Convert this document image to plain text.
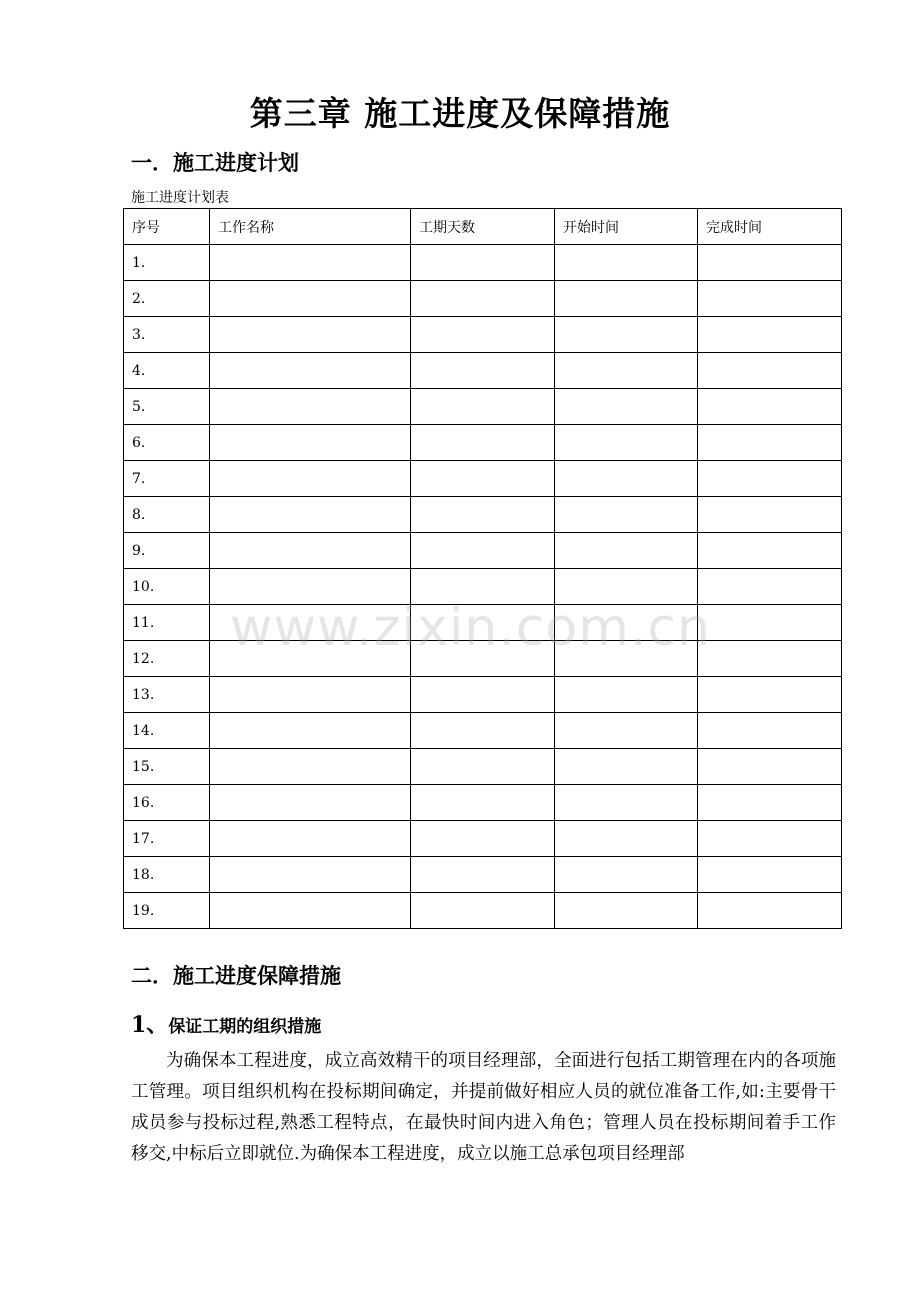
第三章 施工进度及保障措施
一．施工进度计划
施工进度计划表
序号	工作名称	工期天数	开始时间	完成时间
1.				
2.				
3.				
4.				
5.				
6.				
7.				
8.				
9.				
10.				
11.				
12.				
13.				
14.				
15.				
16.				
17.				
18.				
19.				
www.zixin.com.cn
二．施工进度保障措施
1、保证工期的组织措施

为确保本工程进度，成立高效精干的项目经理部，全面进行包括工期管理在内的各项施工管理。项目组织机构在投标期间确定，并提前做好相应人员的就位准备工作,如:主要骨干成员参与投标过程,熟悉工程特点，在最快时间内进入角色；管理人员在投标期间着手工作移交,中标后立即就位.为确保本工程进度，成立以施工总承包项目经理部
